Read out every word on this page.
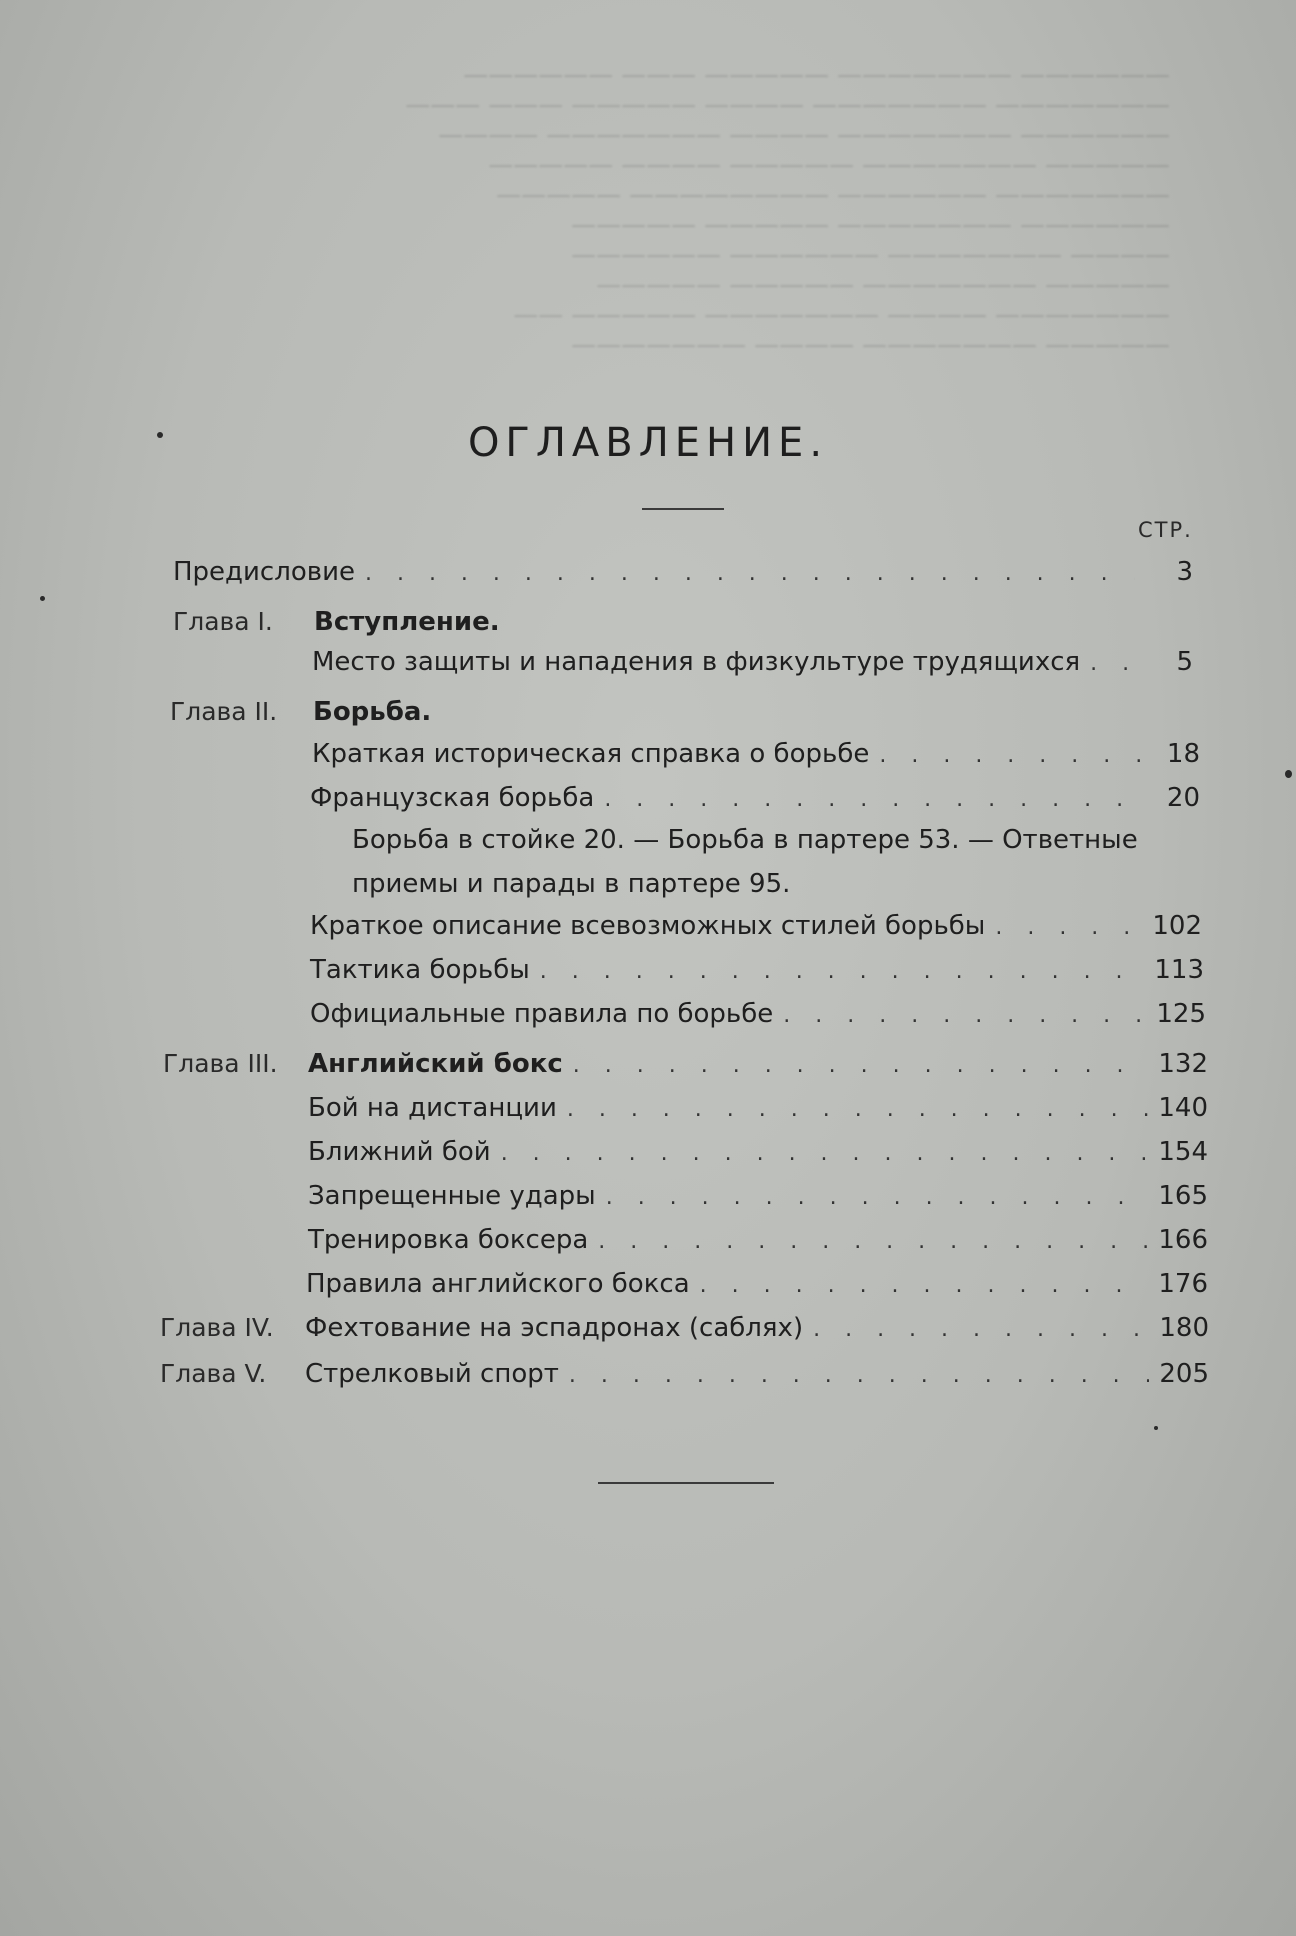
—————— ——————— ————— ——— ——————
——————— ——————— ———— ————— ——— ———
—————— ——————— ———— ——————— ————
————— ——————— ————— ———— —————
——————— —————— ———————— —————
—————— ——————— ————— —————
———— ——————— —————— ——————
————— ——————— ————— —————
——————— ———— ——————— ————— ——
————— ——————— ———— ———————
ОГЛАВЛЕНИЕ.
СТР.
Предисловие . . .	3
Глава I. Вступление.
Место защиты и нападения в физкультуре трудящихся . . .	5
Глава II. Борьба.
Краткая историческая справка о борьбе . . .	18
Французская борьба . . .	20
Борьба в стойке 20. — Борьба в партере 53. — Ответные
приемы и парады в партере 95.
Краткое описание всевозможных стилей борьбы . . .	102
Тактика борьбы . . .	113
Официальные правила по борьбе . . .	125
Глава III. Английский бокс . . .	132
Бой на дистанции . . .	140
Ближний бой . . .	154
Запрещенные удары . . .	165
Тренировка боксера . . .	166
Правила английского бокса . . .	176
Глава IV. Фехтование на эспадронах (саблях) . . .	180
Глава V. Стрелковый спорт . . .	205
